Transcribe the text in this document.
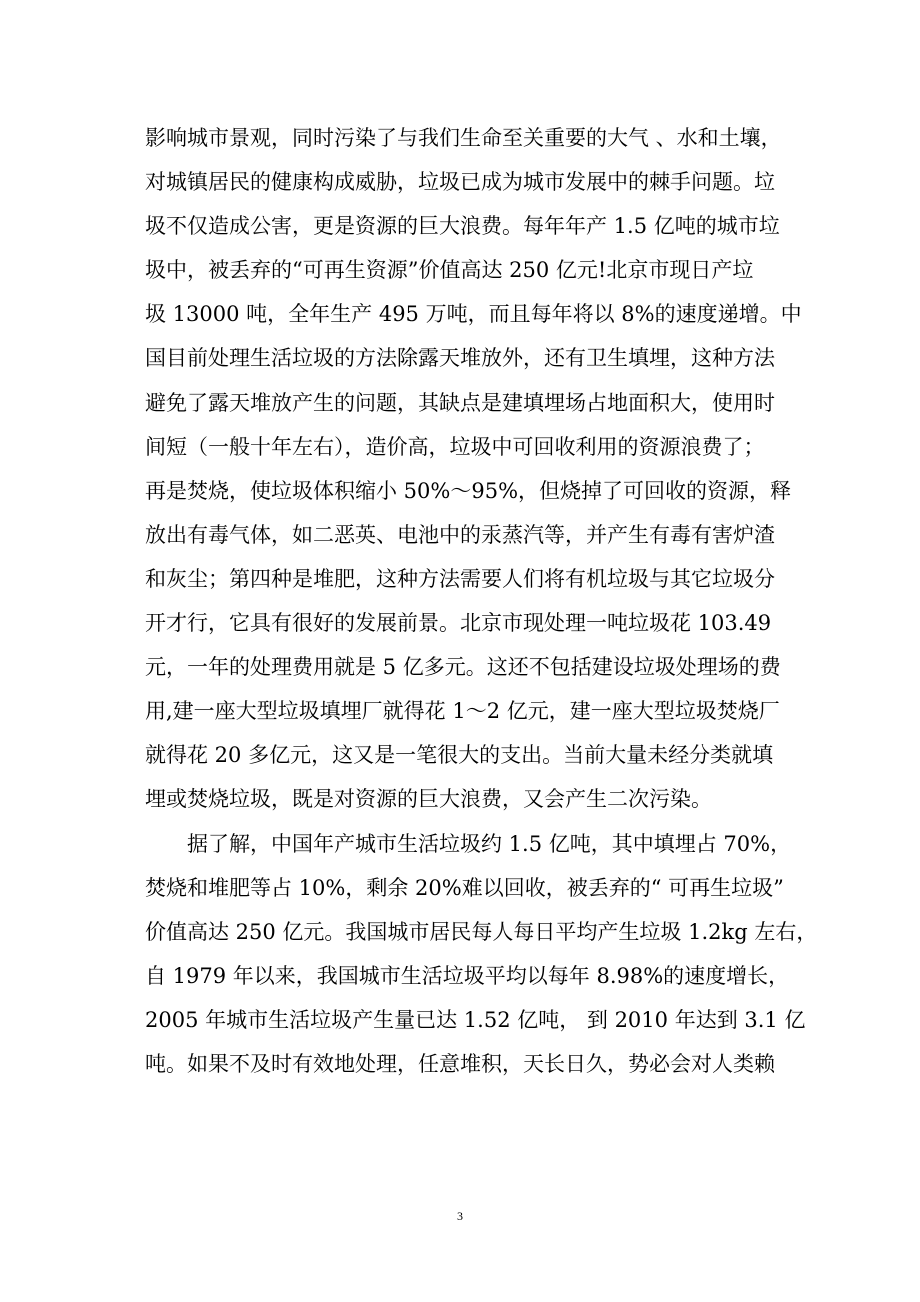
影响城市景观，同时污染了与我们生命至关重要的大气 、水和土壤，
对城镇居民的健康构成威胁，垃圾已成为城市发展中的棘手问题。垃
圾不仅造成公害，更是资源的巨大浪费。每年年产 1.5 亿吨的城市垃
圾中，被丢弃的“可再生资源”价值高达 250 亿元!北京市现日产垃
圾 13000 吨，全年生产 495 万吨，而且每年将以 8%的速度递增。中
国目前处理生活垃圾的方法除露天堆放外，还有卫生填埋，这种方法
避免了露天堆放产生的问题，其缺点是建填埋场占地面积大，使用时
间短（一般十年左右），造价高，垃圾中可回收利用的资源浪费了；
再是焚烧，使垃圾体积缩小 50%～95%，但烧掉了可回收的资源，释
放出有毒气体，如二恶英、电池中的汞蒸汽等，并产生有毒有害炉渣
和灰尘；第四种是堆肥，这种方法需要人们将有机垃圾与其它垃圾分
开才行，它具有很好的发展前景。北京市现处理一吨垃圾花 103.49
元，一年的处理费用就是 5 亿多元。这还不包括建设垃圾处理场的费
用,建一座大型垃圾填埋厂就得花 1～2 亿元，建一座大型垃圾焚烧厂
就得花 20 多亿元，这又是一笔很大的支出。当前大量未经分类就填
埋或焚烧垃圾，既是对资源的巨大浪费，又会产生二次污染。
据了解，中国年产城市生活垃圾约 1.5 亿吨，其中填埋占 70%，
焚烧和堆肥等占 10%，剩余 20%难以回收，被丢弃的“ 可再生垃圾”
价值高达 250 亿元。我国城市居民每人每日平均产生垃圾 1.2kg 左右，
自 1979 年以来，我国城市生活垃圾平均以每年 8.98%的速度增长，
2005 年城市生活垃圾产生量已达 1.52 亿吨， 到 2010 年达到 3.1 亿
吨。如果不及时有效地处理，任意堆积，天长日久，势必会对人类赖
3
